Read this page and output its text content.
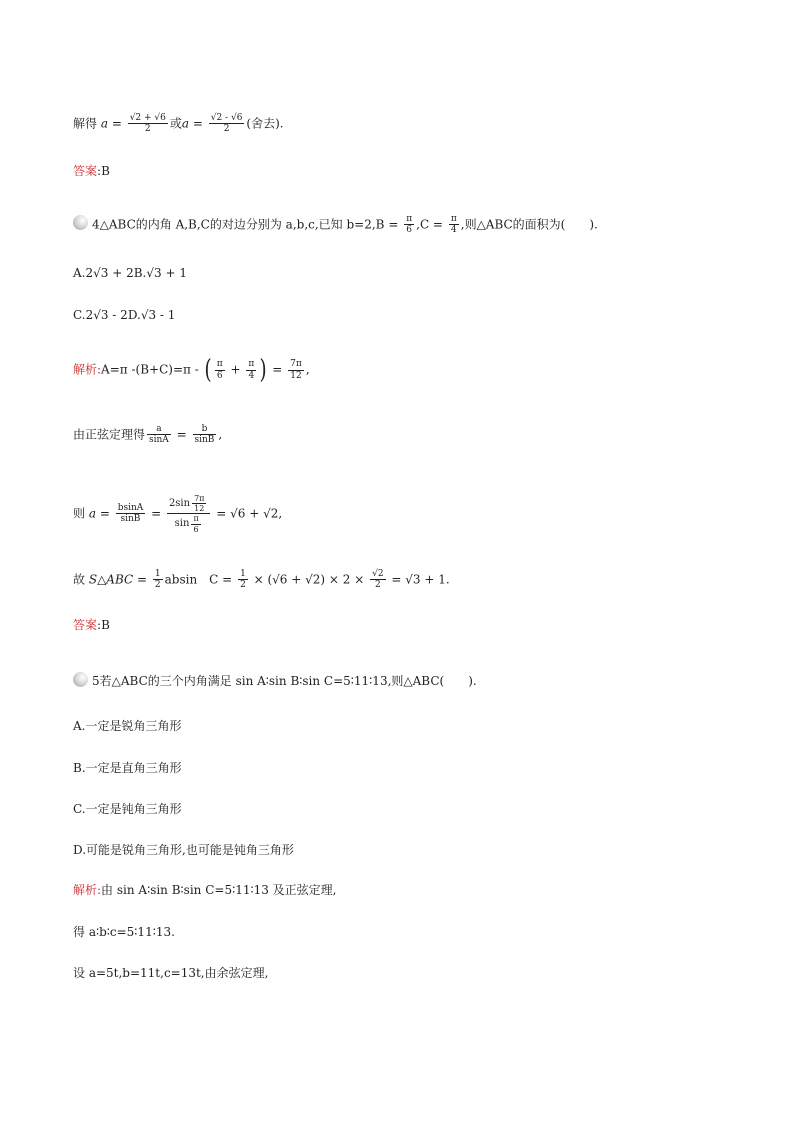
解得 $a = \frac{√2 + √6}{2}$ 或$a = \frac{√2 - √6}{2}$ (舍去).
答案:B
4△ABC的内角 A,B,C的对边分别为 a,b,c,已知 $b=2,B = \frac{\pi}{6} ,C = \frac{\pi}{4}$ ,则△ABC的面积为(　　).
A.2√3 + 2B.√3 + 1
C.2√3 - 2D.√3 - 1
解析:A=π -(B+C)=π - ( $\frac{\pi}{6} + \frac{\pi}{4}$ ) = $\frac{7\pi}{12}$ ,
由正弦定理得 $\frac{a}{\sin A} = \frac{b}{\sin B}$ ,
则 $a = \frac{bsinA}{\sin B} = \frac{2\sin \frac{7\pi}{12}}{\sin \frac{\pi}{6}} = √6 + √2$,
故 S△ABC = $\frac{1}{2}$ absin　$C = \frac{1}{2} \times (√6 + √2) \times 2 \times \frac{√2}{2} = √3 + 1$.
答案:B
5若△ABC的三个内角满足 sin A∶sin B∶sin C=5∶11∶13,则△ABC(　　).
A.一定是锐角三角形
B.一定是直角三角形
C.一定是钝角三角形
D.可能是锐角三角形,也可能是钝角三角形
解析:由 sin A∶sin B∶sin C=5∶11∶13 及正弦定理,
得 a∶b∶c=5∶11∶13.
设 a=5t,b=11t,c=13t,由余弦定理,
